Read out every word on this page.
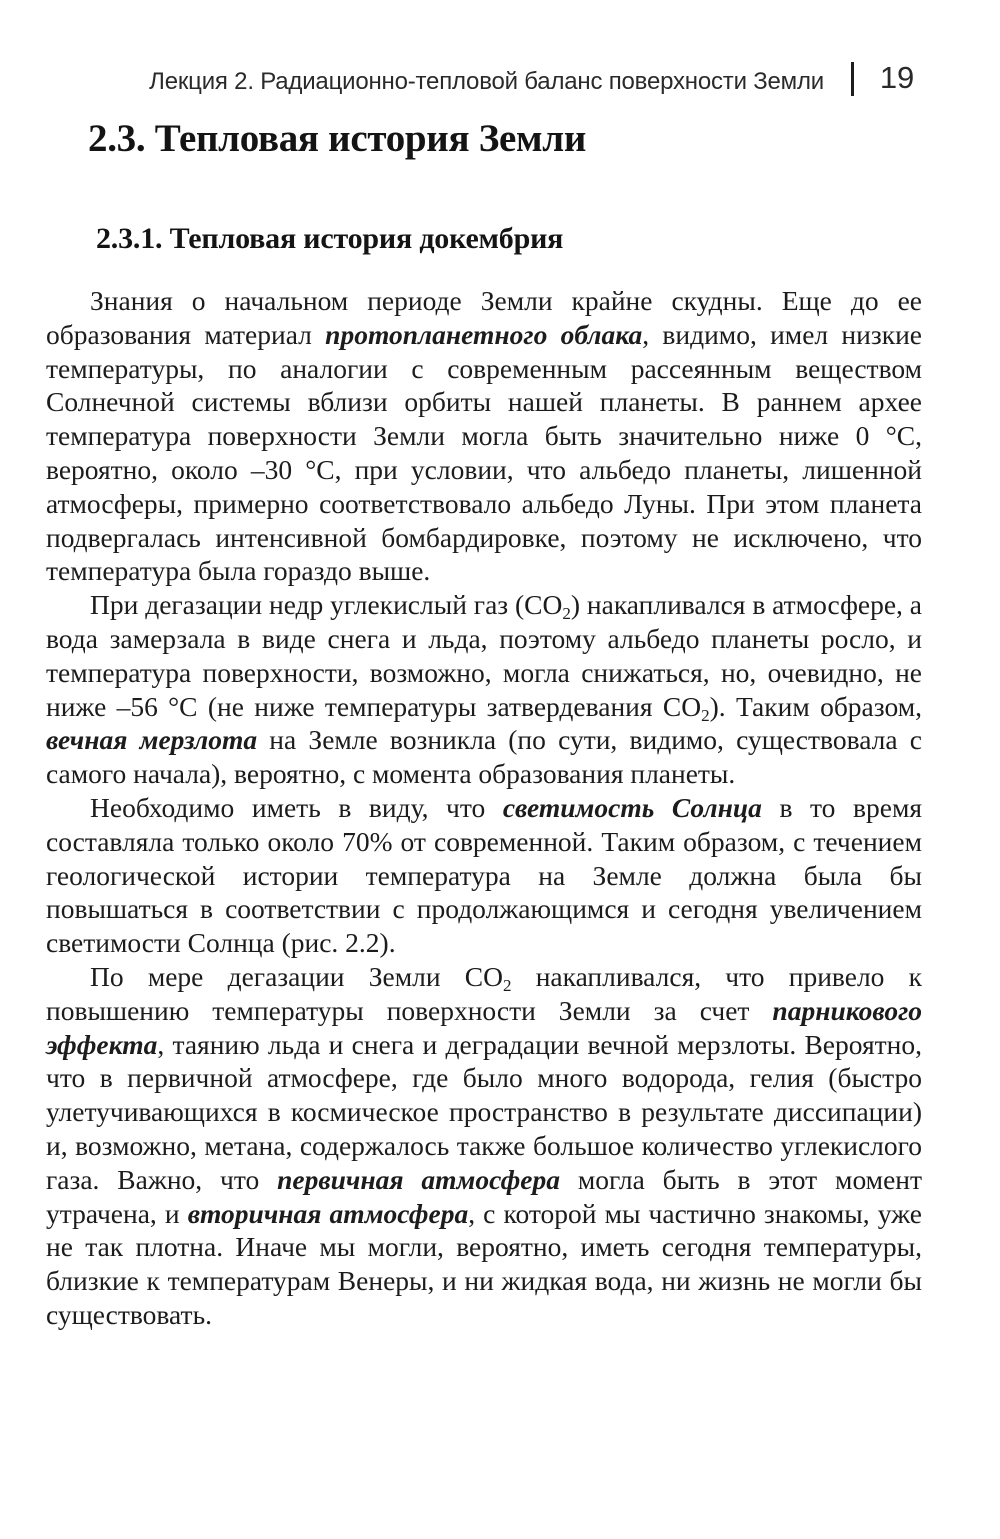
Лекция 2. Радиационно-тепловой баланс поверхности Земли 19
2.3. Тепловая история Земли
2.3.1. Тепловая история докембрия

Знания о начальном периоде Земли крайне скудны. Еще до ее образования материал протопланетного облака, видимо, имел низкие температуры, по аналогии с современным рассеянным веществом Солнечной системы вблизи орбиты нашей планеты. В раннем архее температура поверхности Земли могла быть значительно ниже 0 °С, вероятно, около –30 °С, при условии, что альбедо планеты, лишенной атмосферы, примерно соответствовало альбедо Луны. При этом планета подвергалась интенсивной бомбардировке, поэтому не исключено, что температура была гораздо выше.

При дегазации недр углекислый газ $(CO_2)$ накапливался в атмосфере, а вода замерзала в виде снега и льда, поэтому альбедо планеты росло, и температура поверхности, возможно, могла снижаться, но, очевидно, не ниже –56 °С (не ниже температуры затвердевания $CO_2$). Таким образом, вечная мерзлота на Земле возникла (по сути, видимо, существовала с самого начала), вероятно, с момента образования планеты.

Необходимо иметь в виду, что светимость Солнца в то время составляла только около 70% от современной. Таким образом, с течением геологической истории температура на Земле должна была бы повышаться в соответствии с продолжающимся и сегодня увеличением светимости Солнца (рис. 2.2).

По мере дегазации Земли $CO_2$ накапливался, что привело к повышению температуры поверхности Земли за счет парникового эффекта, таянию льда и снега и деградации вечной мерзлоты. Вероятно, что в первичной атмосфере, где было много водорода, гелия (быстро улетучивающихся в космическое пространство в результате диссипации) и, возможно, метана, содержалось также большое количество углекислого газа. Важно, что первичная атмосфера могла быть в этот момент утрачена, и вторичная атмосфера, с которой мы частично знакомы, уже не так плотна. Иначе мы могли, вероятно, иметь сегодня температуры, близкие к температурам Венеры, и ни жидкая вода, ни жизнь не могли бы существовать.
